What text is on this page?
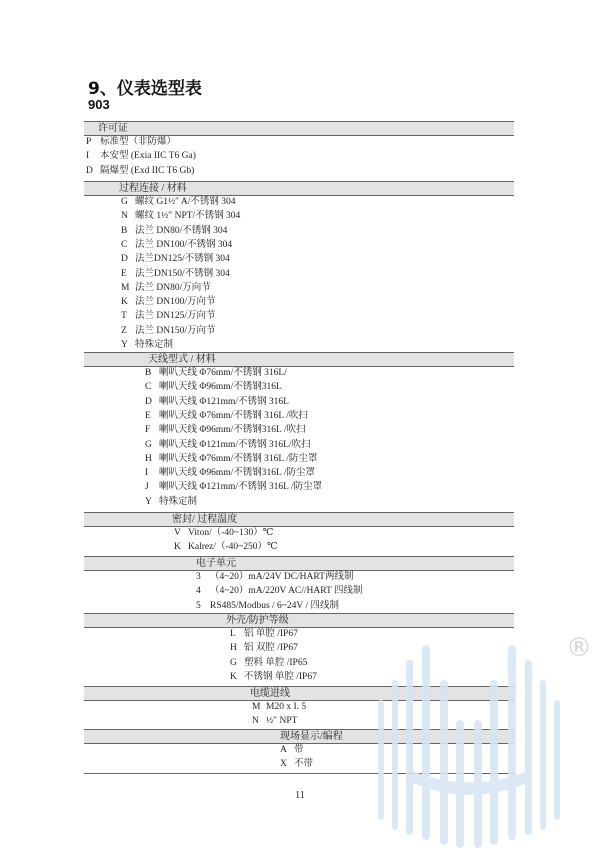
9、仪表选型表
903
许可证
P 标准型（非防爆）
I 本安型 (Exia IIC T6 Ga)
D 隔爆型 (Exd IIC T6 Gb)
过程连接 / 材料
G 螺纹 G1½″ A/不锈钢 304
N 螺纹 1½″ NPT/不锈钢 304
B 法兰 DN80/不锈钢 304
C 法兰 DN100/不锈钢 304
D 法兰DN125/不锈钢 304
E 法兰DN150/不锈钢 304
M 法兰 DN80/万向节
K 法兰 DN100/万向节
T 法兰 DN125/万向节
Z 法兰 DN150/万向节
Y 特殊定制
天线型式 / 材料
B 喇叭天线 Φ76mm/不锈钢 316L/
C 喇叭天线 Φ96mm/不锈钢316L
D 喇叭天线 Φ121mm/不锈钢 316L
E 喇叭天线 Φ76mm/不锈钢 316L /吹扫
F 喇叭天线 Φ96mm/不锈钢316L /吹扫
G 喇叭天线 Φ121mm/不锈钢 316L/吹扫
H 喇叭天线 Φ76mm/不锈钢 316L /防尘罩
I 喇叭天线 Φ96mm/不锈钢316L /防尘罩
J 喇叭天线 Φ121mm/不锈钢 316L /防尘罩
Y 特殊定制
密封/ 过程温度
V Viton/（-40~130）℃
K Kalrez/（-40~250）℃
电子单元
3 （4~20）mA/24V DC/HART两线制
4 （4~20）mA/220V AC//HART 四线制
5 RS485/Modbus / 6~24V / 四线制
外壳/防护等级
L 铝 单腔 /IP67
H 铝 双腔 /IP67
G 塑料 单腔 /IP65
K 不锈钢 单腔 /IP67
电缆进线
M M20 x I. 5
N ½″ NPT
现场显示/编程
A 带
X 不带
11
®
